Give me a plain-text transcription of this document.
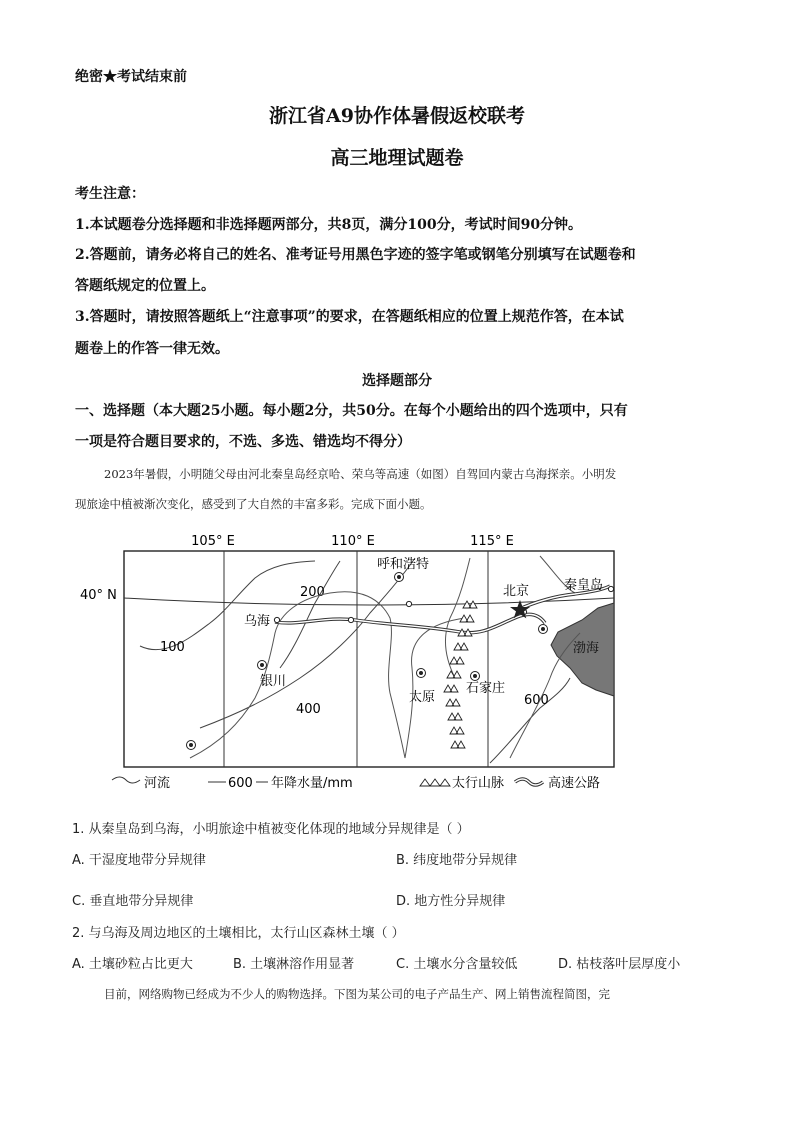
绝密★考试结束前
浙江省A9协作体暑假返校联考
高三地理试题卷
考生注意：
1.本试题卷分选择题和非选择题两部分，共8页，满分100分，考试时间90分钟。
2.答题前，请务必将自己的姓名、准考证号用黑色字迹的签字笔或钢笔分别填写在试题卷和
答题纸规定的位置上。
3.答题时，请按照答题纸上“注意事项”的要求，在答题纸相应的位置上规范作答，在本试
题卷上的作答一律无效。
选择题部分
一、选择题（本大题25小题。每小题2分，共50分。在每个小题给出的四个选项中，只有
一项是符合题目要求的，不选、多选、错选均不得分）
2023年暑假，小明随父母由河北秦皇岛经京哈、荣乌等高速（如图）自驾回内蒙古乌海探亲。小明发
现旅途中植被渐次变化，感受到了大自然的丰富多彩。完成下面小题。
105° E	110° E	115° E
40° N
渤海
200
100
400
600
呼和浩特
北京	秦皇岛
乌海
银川
太原
石家庄
河流	600 年降水量/mm	太行山脉	高速公路
1. 从秦皇岛到乌海，小明旅途中植被变化体现的地域分异规律是（ ）
A. 干湿度地带分异规律	B. 纬度地带分异规律
C. 垂直地带分异规律	D. 地方性分异规律
2. 与乌海及周边地区的土壤相比，太行山区森林土壤（ ）
A. 土壤砂粒占比更大	B. 土壤淋溶作用显著	C. 土壤水分含量较低	D. 枯枝落叶层厚度小
目前，网络购物已经成为不少人的购物选择。下图为某公司的电子产品生产、网上销售流程简图，完
